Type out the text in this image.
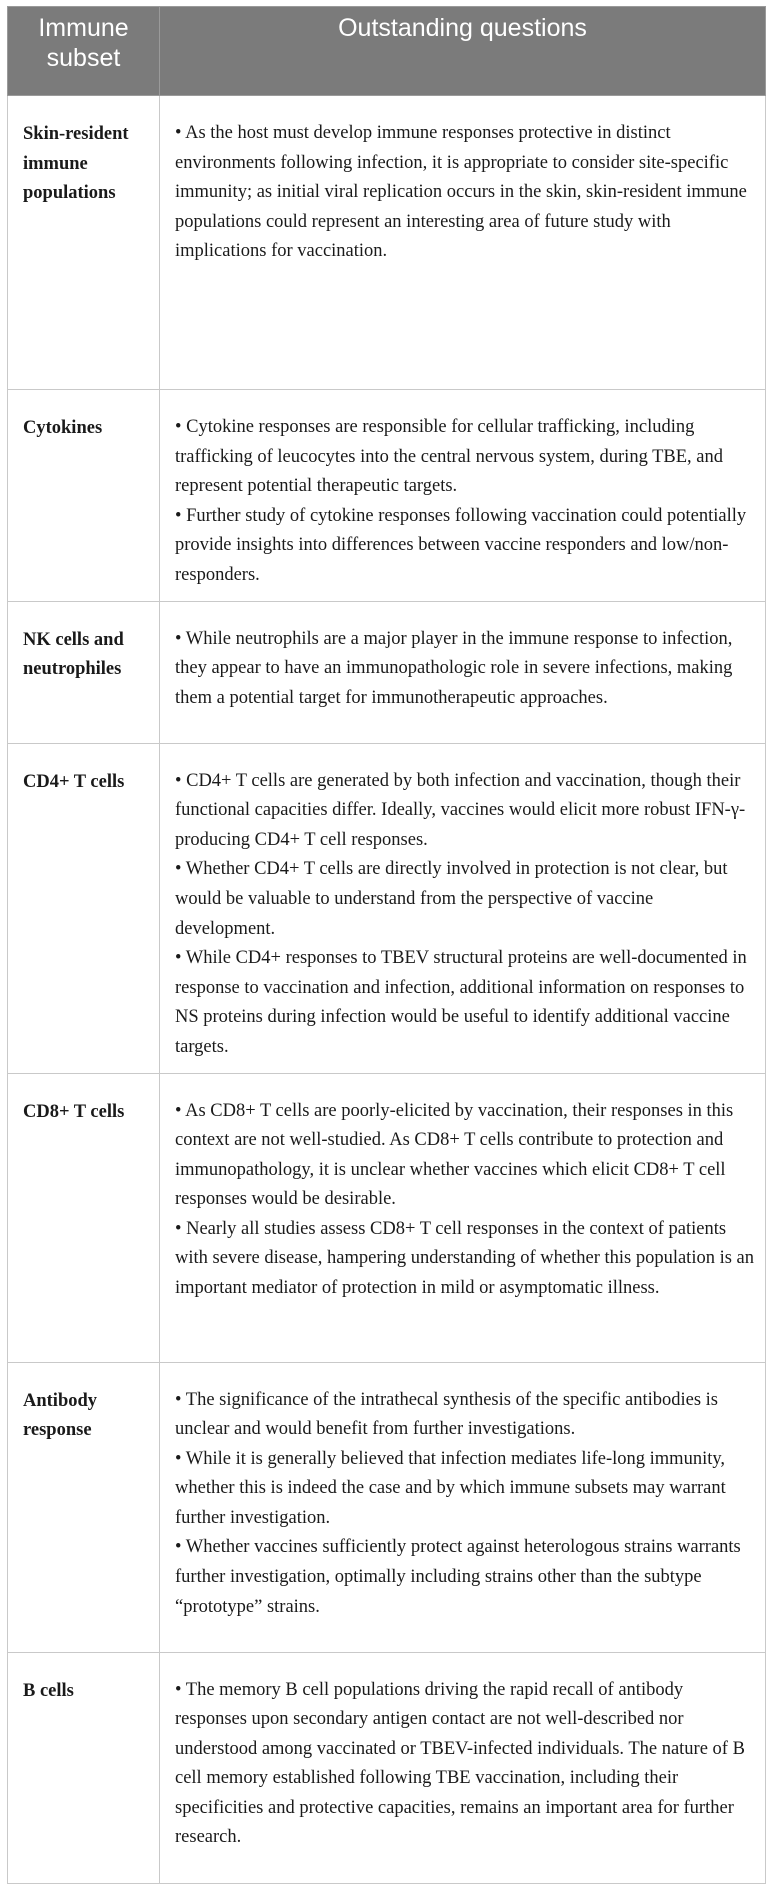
Immune subset	Outstanding questions
Skin-resident immune populations	• As the host must develop immune responses protective in distinct environments following infection, it is appropriate to consider site-specific immunity; as initial viral replication occurs in the skin, skin-resident immune populations could represent an interesting area of future study with implications for vaccination.

Cytokines	• Cytokine responses are responsible for cellular trafficking, including trafficking of leucocytes into the central nervous system, during TBE, and represent potential therapeutic targets.

• Further study of cytokine responses following vaccination could potentially provide insights into differences between vaccine responders and low/non-responders.

NK cells and neutrophiles	• While neutrophils are a major player in the immune response to infection, they appear to have an immunopathologic role in severe infections, making them a potential target for immunotherapeutic approaches.

CD4+ T cells	• CD4+ T cells are generated by both infection and vaccination, though their functional capacities differ. Ideally, vaccines would elicit more robust IFN-γ-producing CD4+ T cell responses.

• Whether CD4+ T cells are directly involved in protection is not clear, but would be valuable to understand from the perspective of vaccine development.

• While CD4+ responses to TBEV structural proteins are well-documented in response to vaccination and infection, additional information on responses to NS proteins during infection would be useful to identify additional vaccine targets.

CD8+ T cells	• As CD8+ T cells are poorly-elicited by vaccination, their responses in this context are not well-studied. As CD8+ T cells contribute to protection and immunopathology, it is unclear whether vaccines which elicit CD8+ T cell responses would be desirable.

• Nearly all studies assess CD8+ T cell responses in the context of patients with severe disease, hampering understanding of whether this population is an important mediator of protection in mild or asymptomatic illness.

Antibody response	• The significance of the intrathecal synthesis of the specific antibodies is unclear and would benefit from further investigations.

• While it is generally believed that infection mediates life-long immunity, whether this is indeed the case and by which immune subsets may warrant further investigation.

• Whether vaccines sufficiently protect against heterologous strains warrants further investigation, optimally including strains other than the subtype “prototype” strains.

B cells	• The memory B cell populations driving the rapid recall of antibody responses upon secondary antigen contact are not well-described nor understood among vaccinated or TBEV-infected individuals. The nature of B cell memory established following TBE vaccination, including their specificities and protective capacities, remains an important area for further research.
